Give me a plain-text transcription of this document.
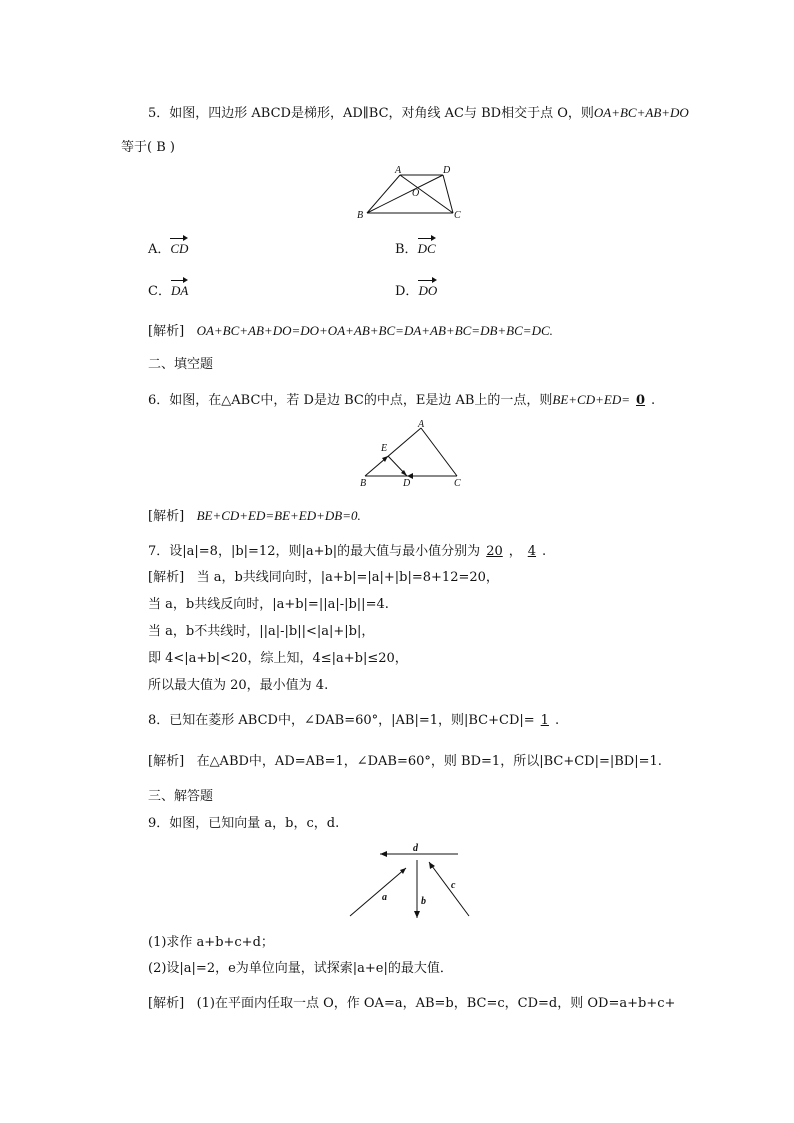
5．如图，四边形 ABCD是梯形，AD∥BC，对角线 AC与 BD相交于点 O，则OA+BC+AB+DO
等于( B )
A	D
O
B	C
A．CD	B．DC
C．DA	D．DO
[解析] OA+BC+AB+DO=DO+OA+AB+BC=DA+AB+BC=DB+BC=DC.
二、填空题
6．如图，在△ABC中，若 D是边 BC的中点，E是边 AB上的一点，则BE+CD+ED= 0 .
A
E
B	D	C
[解析] BE+CD+ED=BE+ED+DB=0.
7．设|a|=8，|b|=12，则|a+b|的最大值与最小值分别为 20 ， 4 .
[解析] 当 a，b共线同向时，|a+b|=|a|+|b|=8+12=20，
当 a，b共线反向时，|a+b|=||a|-|b||=4.
当 a，b不共线时，||a|-|b||<|a|+|b|，
即 4<|a+b|<20，综上知，4≤|a+b|≤20，
所以最大值为 20，最小值为 4.
8．已知在菱形 ABCD中，∠DAB=60°，|AB|=1，则|BC+CD|= 1 .
[解析] 在△ABD中，AD=AB=1，∠DAB=60°，则 BD=1，所以|BC+CD|=|BD|=1.
三、解答题
9．如图，已知向量 a，b，c，d.
d
a	b
c
(1)求作 a+b+c+d；
(2)设|a|=2，e为单位向量，试探索|a+e|的最大值．
[解析] (1)在平面内任取一点 O，作 OA=a，AB=b，BC=c，CD=d，则 OD=a+b+c+
